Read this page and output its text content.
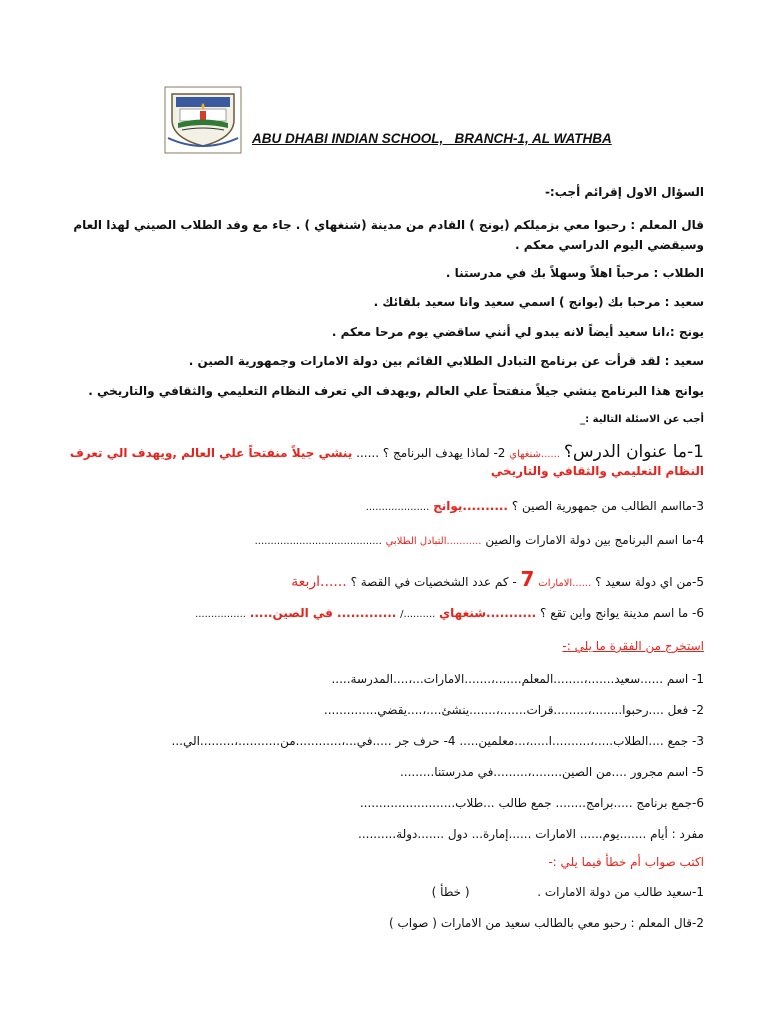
ABU DHABI INDIAN SCHOOL,   BRANCH-1, AL WATHBA
السؤال الاول إقرائم أجب:-
قال المعلم : رحبوا معي بزميلكم (يونج ) القادم من مدينة (شنغهاي ) . جاء مع وفد الطلاب الصيني لهذا العام وسيقضي اليوم الدراسي معكم .
الطلاب : مرحباً اهلاً وسهلاً بك في مدرستنا .
سعيد : مرحبا بك (يوانج ) اسمي سعيد وانا سعيد بلقائك .
يونج :،انا سعيد أيضاً لانه يبدو لي أنني ساقضي يوم مرحا معكم .
سعيد : لقد قرأت عن برنامج التبادل الطلابي القائم بين دولة الامارات وجمهورية الصين .
يوانج هذا البرنامج ينشي جيلاً منفتحاً علي العالم ,ويهدف الي تعرف النظام التعليمي والثقافي والتاريخي .
أجب عن الاسئلة التالية :_
1-ما عنوان الدرس؟ ......شنغهاي 2- لماذا يهدف البرنامج ؟ ...... ينشي جيلاً منفتحاً علي العالم ,ويهدف الي تعرف
النظام التعليمي والثقافي والتاريخي
3-مااسم الطالب من جمهورية الصين ؟ ..........يوانج ....................
4-ما اسم البرنامج بين دولة الامارات والصين ...........التبادل الطلابي ........................................
5-من اي دولة سعيد ؟ ......الامارات 7 - كم عدد الشخصيات في القصة ؟ ......اربعة
6- ما اسم مدينة يوانج واين تقع ؟ ...........شنغهاي ........../ ............. في الصين..... ................
استخرج من الفقرة ما يلي :-
1- اسم ......سعيد.......،........المعلم.......،.......الامارات...،....المدرسة.....
2- فعل ....رحبوا........،.........قرات.......،.......ينشئ....،....يقضي..............
3- جمع ....الطلاب.....،..........ا.....،...معلمين..... 4- حرف جر .....في...،............من...........،.........الي...
5- اسم مجرور ....من الصين........،.........في مدرستنا.........
6-جمع برنامج .....برامج........ جمع طالب ...طلاب.........................
مفرد : أيام .......يوم...... الامارات ......إمارة... دول .......دولة..........
اكتب صواب أم خطأ فيما يلي :-
1-سعيد طالب من دولة الامارات .  ( خطأ )
2-قال المعلم : رحبو معي بالطالب سعيد من الامارات ( صواب )
